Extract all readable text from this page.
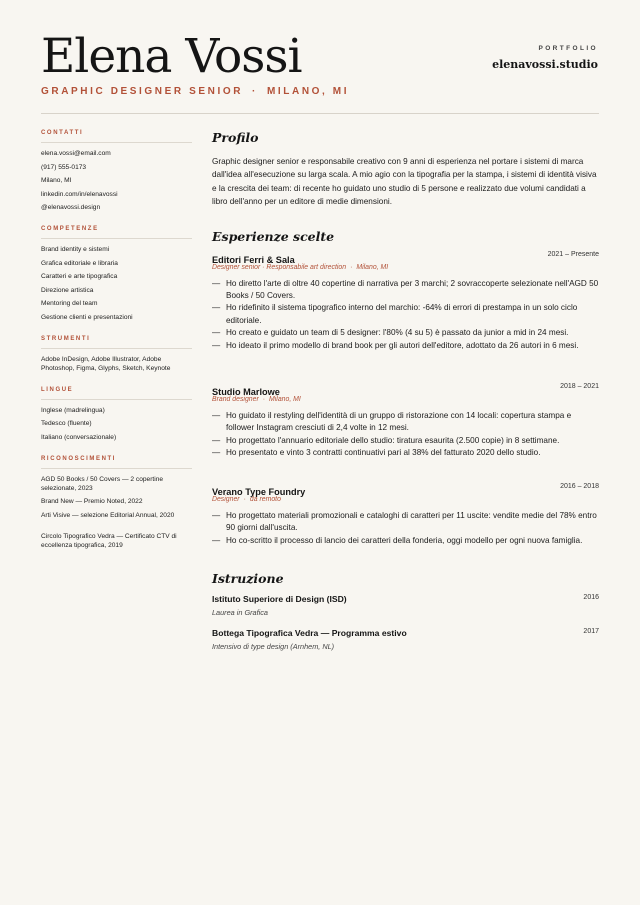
Elena Vossi
GRAPHIC DESIGNER SENIOR · MILANO, MI
PORTFOLIO
elenavossi.studio
CONTATTI
elena.vossi@email.com
(917) 555-0173
Milano, MI
linkedin.com/in/elenavossi
@elenavossi.design
COMPETENZE
Brand identity e sistemi
Grafica editoriale e libraria
Caratteri e arte tipografica
Direzione artistica
Mentoring del team
Gestione clienti e presentazioni
STRUMENTI
Adobe InDesign, Adobe Illustrator, Adobe Photoshop, Figma, Glyphs, Sketch, Keynote
LINGUE
Inglese (madrelingua)
Tedesco (fluente)
Italiano (conversazionale)
RICONOSCIMENTI
AGD 50 Books / 50 Covers — 2 copertine selezionate, 2023
Brand New — Premio Noted, 2022
Arti Visive — selezione Editorial Annual, 2020
Circolo Tipografico Vedra — Certificato CTV di eccellenza tipografica, 2019
Profilo

Graphic designer senior e responsabile creativo con 9 anni di esperienza nel portare i sistemi di marca dall'idea all'esecuzione su larga scala. A mio agio con la tipografia per la stampa, i sistemi di identità visiva e la crescita dei team: di recente ho guidato uno studio di 5 persone e realizzato due volumi candidati a libro dell'anno per un editore di medie dimensioni.

Esperienze scelte
Editori Ferri & Sala
2021 – Presente
Designer senior · Responsabile art direction · Milano, MI
— Ho diretto l'arte di oltre 40 copertine di narrativa per 3 marchi; 2 sovraccoperte selezionate nell'AGD 50 Books / 50 Covers.
— Ho ridefinito il sistema tipografico interno del marchio: -64% di errori di prestampa in un solo ciclo editoriale.
— Ho creato e guidato un team di 5 designer: l'80% (4 su 5) è passato da junior a mid in 24 mesi.
— Ho ideato il primo modello di brand book per gli autori dell'editore, adottato da 26 autori in 6 mesi.
Studio Marlowe
2018 – 2021
Brand designer · Milano, MI
— Ho guidato il restyling dell'identità di un gruppo di ristorazione con 14 locali: copertura stampa e follower Instagram cresciuti di 2,4 volte in 12 mesi.
— Ho progettato l'annuario editoriale dello studio: tiratura esaurita (2.500 copie) in 8 settimane.
— Ho presentato e vinto 3 contratti continuativi pari al 38% del fatturato 2020 dello studio.
Verano Type Foundry
2016 – 2018
Designer · da remoto
— Ho progettato materiali promozionali e cataloghi di caratteri per 11 uscite: vendite medie del 78% entro 90 giorni dall'uscita.
— Ho co-scritto il processo di lancio dei caratteri della fonderia, oggi modello per ogni nuova famiglia.
Istruzione
Istituto Superiore di Design (ISD)	2016
Laurea in Grafica
Bottega Tipografica Vedra — Programma estivo	2017
Intensivo di type design (Arnhem, NL)
